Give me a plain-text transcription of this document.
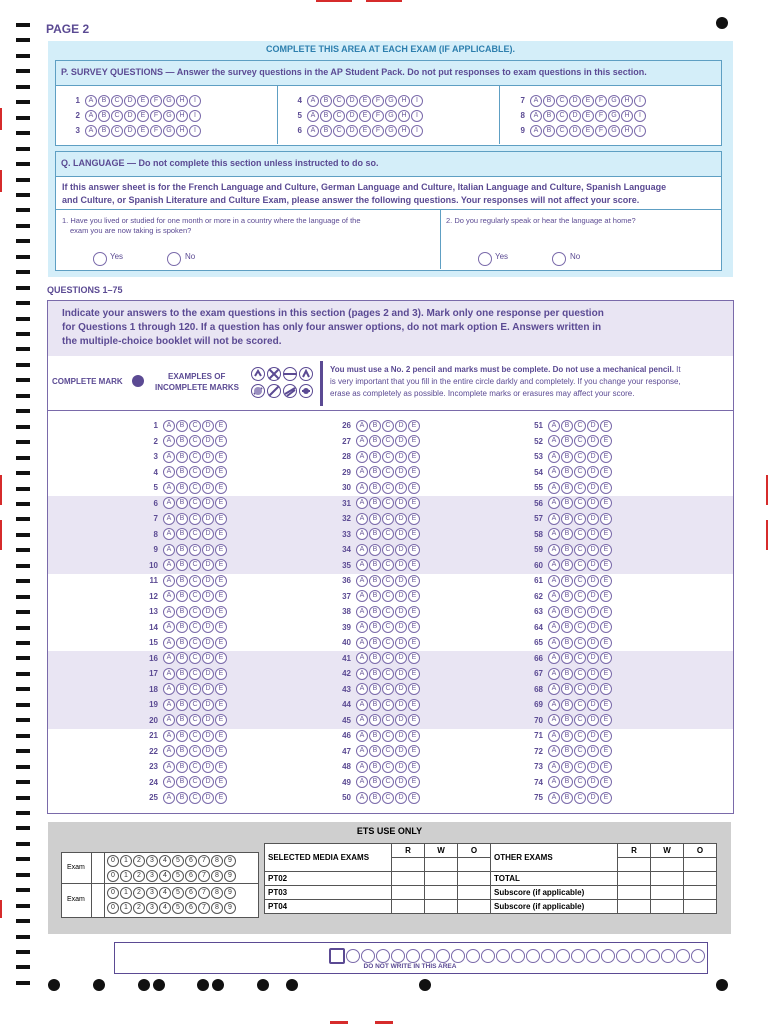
PAGE 2
COMPLETE THIS AREA AT EACH EXAM (IF APPLICABLE).
P. SURVEY QUESTIONS — Answer the survey questions in the AP Student Pack. Do not put responses to exam questions in this section.
1 A B C D E F G H I
2 A B C D E F G H I
3 A B C D E F G H I
4 A B C D E F G H I
5 A B C D E F G H I
6 A B C D E F G H I
7 A B C D E F G H I
8 A B C D E F G H I
9 A B C D E F G H I
Q. LANGUAGE — Do not complete this section unless instructed to do so.
If this answer sheet is for the French Language and Culture, German Language and Culture, Italian Language and Culture, Spanish Language
and Culture, or Spanish Literature and Culture Exam, please answer the following questions. Your responses will not affect your score.
1. Have you lived or studied for one month or more in a country where the language of the
exam you are now taking is spoken?
2. Do you regularly speak or hear the language at home?
Yes	No	Yes	No
QUESTIONS 1–75
Indicate your answers to the exam questions in this section (pages 2 and 3). Mark only one response per question
for Questions 1 through 120. If a question has only four answer options, do not mark option E. Answers written in
the multiple-choice booklet will not be scored.
COMPLETE MARK
EXAMPLES OF
INCOMPLETE MARKS
You must use a No. 2 pencil and marks must be complete. Do not use a mechanical pencil. It
is very important that you fill in the entire circle darkly and completely. If you change your response,
erase as completely as possible. Incomplete marks or erasures may affect your score.
1 A B C D E
2 A B C D E
3 A B C D E
4 A B C D E
5 A B C D E
6 A B C D E
7 A B C D E
8 A B C D E
9 A B C D E
10 A B C D E
11 A B C D E
12 A B C D E
13 A B C D E
14 A B C D E
15 A B C D E
16 A B C D E
17 A B C D E
18 A B C D E
19 A B C D E
20 A B C D E
21 A B C D E
22 A B C D E
23 A B C D E
24 A B C D E
25 A B C D E
26 A B C D E
27 A B C D E
28 A B C D E
29 A B C D E
30 A B C D E
31 A B C D E
32 A B C D E
33 A B C D E
34 A B C D E
35 A B C D E
36 A B C D E
37 A B C D E
38 A B C D E
39 A B C D E
40 A B C D E
41 A B C D E
42 A B C D E
43 A B C D E
44 A B C D E
45 A B C D E
46 A B C D E
47 A B C D E
48 A B C D E
49 A B C D E
50 A B C D E
51 A B C D E
52 A B C D E
53 A B C D E
54 A B C D E
55 A B C D E
56 A B C D E
57 A B C D E
58 A B C D E
59 A B C D E
60 A B C D E
61 A B C D E
62 A B C D E
63 A B C D E
64 A B C D E
65 A B C D E
66 A B C D E
67 A B C D E
68 A B C D E
69 A B C D E
70 A B C D E
71 A B C D E
72 A B C D E
73 A B C D E
74 A B C D E
75 A B C D E
ETS USE ONLY
Exam
Exam
0 1 2 3 4 5 6 7 8 9
0 1 2 3 4 5 6 7 8 9
0 1 2 3 4 5 6 7 8 9
0 1 2 3 4 5 6 7 8 9
SELECTED MEDIA EXAMS	R	W	O	OTHER EXAMS	R	W	O

PT02				TOTAL			
PT03				Subscore (if applicable)			
PT04				Subscore (if applicable)			
DO NOT WRITE IN THIS AREA
